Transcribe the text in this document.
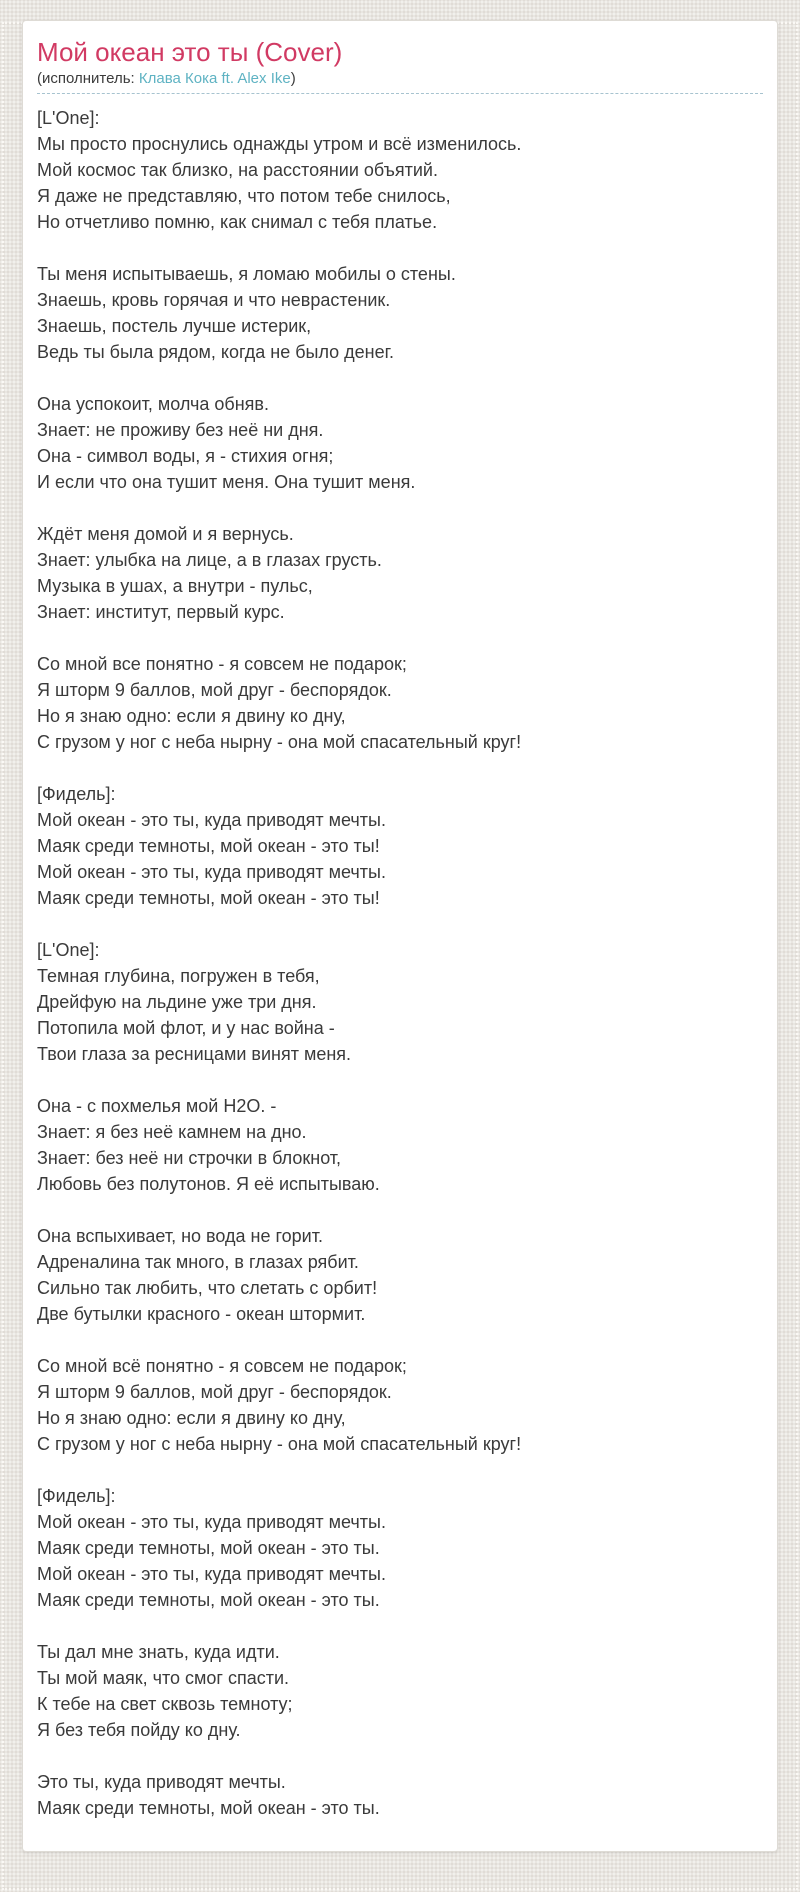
Мой океан это ты (Cover)
(исполнитель: Клава Кока ft. Alex Ike)
[L'One]:
Мы просто проснулись однажды утром и всё изменилось.
Мой космос так близко, на расстоянии объятий.
Я даже не представляю, что потом тебе снилось,
Но отчетливо помню, как снимал с тебя платье.
Ты меня испытываешь, я ломаю мобилы о стены.
Знаешь, кровь горячая и что неврастеник.
Знаешь, постель лучше истерик,
Ведь ты была рядом, когда не было денег.
Она успокоит, молча обняв.
Знает: не проживу без неё ни дня.
Она - символ воды, я - стихия огня;
И если что она тушит меня. Она тушит меня.
Ждёт меня домой и я вернусь.
Знает: улыбка на лице, а в глазах грусть.
Музыка в ушах, а внутри - пульс,
Знает: институт, первый курс.
Со мной все понятно - я совсем не подарок;
Я шторм 9 баллов, мой друг - беспорядок.
Но я знаю одно: если я двину ко дну,
С грузом у ног с неба нырну - она мой спасательный круг!
[Фидель]:
Мой океан - это ты, куда приводят мечты.
Маяк среди темноты, мой океан - это ты!
Мой океан - это ты, куда приводят мечты.
Маяк среди темноты, мой океан - это ты!
[L'One]:
Темная глубина, погружен в тебя,
Дрейфую на льдине уже три дня.
Потопила мой флот, и у нас война -
Твои глаза за ресницами винят меня.
Она - с похмелья мой H2O. -
Знает: я без неё камнем на дно.
Знает: без неё ни строчки в блокнот,
Любовь без полутонов. Я её испытываю.
Она вспыхивает, но вода не горит.
Адреналина так много, в глазах рябит.
Сильно так любить, что слетать с орбит!
Две бутылки красного - океан штормит.
Со мной всё понятно - я совсем не подарок;
Я шторм 9 баллов, мой друг - беспорядок.
Но я знаю одно: если я двину ко дну,
С грузом у ног с неба нырну - она мой спасательный круг!
[Фидель]:
Мой океан - это ты, куда приводят мечты.
Маяк среди темноты, мой океан - это ты.
Мой океан - это ты, куда приводят мечты.
Маяк среди темноты, мой океан - это ты.
Ты дал мне знать, куда идти.
Ты мой маяк, что смог спасти.
К тебе на свет сквозь темноту;
Я без тебя пойду ко дну.
Это ты, куда приводят мечты.
Маяк среди темноты, мой океан - это ты.
